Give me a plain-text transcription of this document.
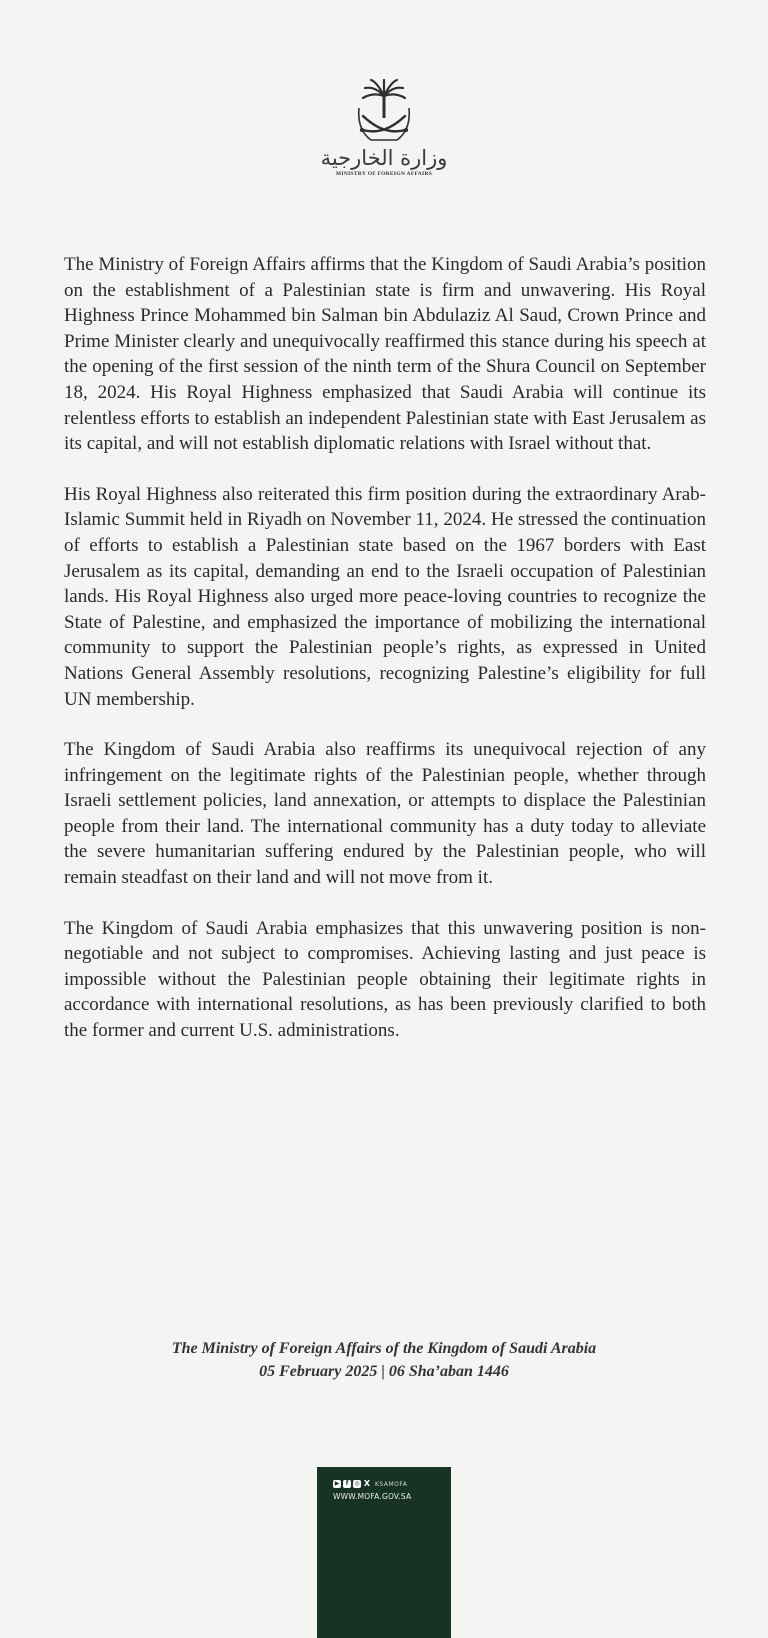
وزارة الخارجية
MINISTRY OF FOREIGN AFFAIRS

The Ministry of Foreign Affairs affirms that the Kingdom of Saudi Arabia’s position on the establishment of a Palestinian state is firm and unwavering. His Royal Highness Prince Mohammed bin Salman bin Abdulaziz Al Saud, Crown Prince and Prime Minister clearly and unequivocally reaffirmed this stance during his speech at the opening of the first session of the ninth term of the Shura Council on September 18, 2024. His Royal Highness emphasized that Saudi Arabia will continue its relentless efforts to establish an independent Palestinian state with East Jerusalem as its capital, and will not establish diplomatic relations with Israel without that.

His Royal Highness also reiterated this firm position during the extraordinary Arab-Islamic Summit held in Riyadh on November 11, 2024. He stressed the continuation of efforts to establish a Palestinian state based on the 1967 borders with East Jerusalem as its capital, demanding an end to the Israeli occupation of Palestinian lands. His Royal Highness also urged more peace-loving countries to recognize the State of Palestine, and emphasized the importance of mobilizing the international community to support the Palestinian people’s rights, as expressed in United Nations General Assembly resolutions, recognizing Palestine’s eligibility for full UN membership.

The Kingdom of Saudi Arabia also reaffirms its unequivocal rejection of any infringement on the legitimate rights of the Palestinian people, whether through Israeli settlement policies, land annexation, or attempts to displace the Palestinian people from their land. The international community has a duty today to alleviate the severe humanitarian suffering endured by the Palestinian people, who will remain steadfast on their land and will not move from it.

The Kingdom of Saudi Arabia emphasizes that this unwavering position is non-negotiable and not subject to compromises. Achieving lasting and just peace is impossible without the Palestinian people obtaining their legitimate rights in accordance with international resolutions, as has been previously clarified to both the former and current U.S. administrations.

The Ministry of Foreign Affairs of the Kingdom of Saudi Arabia
05 February 2025 | 06 Sha’aban 1446
▶	f	◎ X KSAMOFA
WWW.MOFA.GOV.SA
